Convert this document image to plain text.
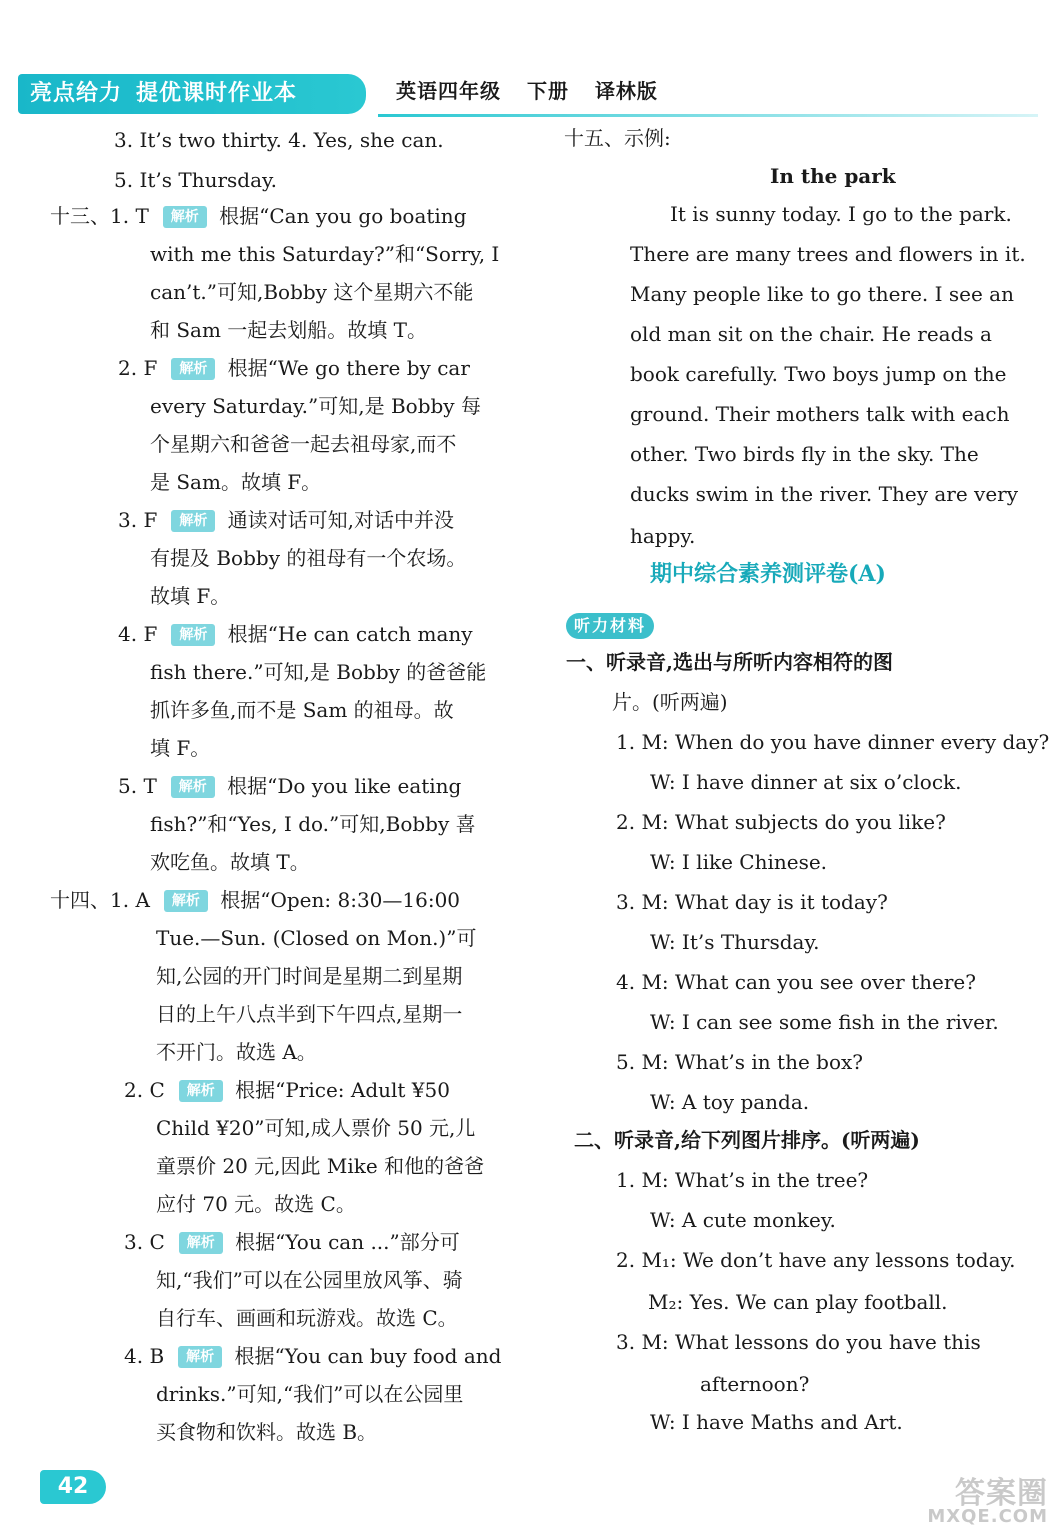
亮点给力 提优课时作业本	英语四年级 下册 译林版
3. It’s two thirty. 4. Yes, she can.
5. It’s Thursday.
十三、1. T 解析 根据“Can you go boating
with me this Saturday?”和“Sorry, I
can’t.”可知,Bobby 这个星期六不能
和 Sam 一起去划船。故填 T。
2. F 解析 根据“We go there by car
every Saturday.”可知,是 Bobby 每
个星期六和爸爸一起去祖母家,而不
是 Sam。故填 F。
3. F 解析 通读对话可知,对话中并没
有提及 Bobby 的祖母有一个农场。
故填 F。
4. F 解析 根据“He can catch many
fish there.”可知,是 Bobby 的爸爸能
抓许多鱼,而不是 Sam 的祖母。故
填 F。
5. T 解析 根据“Do you like eating
fish?”和“Yes, I do.”可知,Bobby 喜
欢吃鱼。故填 T。
十四、1. A 解析 根据“Open: 8:30—16:00
Tue.—Sun. (Closed on Mon.)”可
知,公园的开门时间是星期二到星期
日的上午八点半到下午四点,星期一
不开门。故选 A。
2. C 解析 根据“Price: Adult ¥50
Child ¥20”可知,成人票价 50 元,儿
童票价 20 元,因此 Mike 和他的爸爸
应付 70 元。故选 C。
3. C 解析 根据“You can ...”部分可
知,“我们”可以在公园里放风筝、骑
自行车、画画和玩游戏。故选 C。
4. B 解析 根据“You can buy food and
drinks.”可知,“我们”可以在公园里
买食物和饮料。故选 B。
十五、示例:
In the park
It is sunny today. I go to the park.
There are many trees and flowers in it.
Many people like to go there. I see an
old man sit on the chair. He reads a
book carefully. Two boys jump on the
ground. Their mothers talk with each
other. Two birds fly in the sky. The
ducks swim in the river. They are very
happy.
期中综合素养测评卷(A)
听力材料
一、听录音,选出与所听内容相符的图
片。(听两遍)
1. M: When do you have dinner every day?
W: I have dinner at six o’clock.
2. M: What subjects do you like?
W: I like Chinese.
3. M: What day is it today?
W: It’s Thursday.
4. M: What can you see over there?
W: I can see some fish in the river.
5. M: What’s in the box?
W: A toy panda.
二、听录音,给下列图片排序。(听两遍)
1. M: What’s in the tree?
W: A cute monkey.
2. M₁: We don’t have any lessons today.
M₂: Yes. We can play football.
3. M: What lessons do you have this
afternoon?
W: I have Maths and Art.
42	答案圈
MXQE.COM
